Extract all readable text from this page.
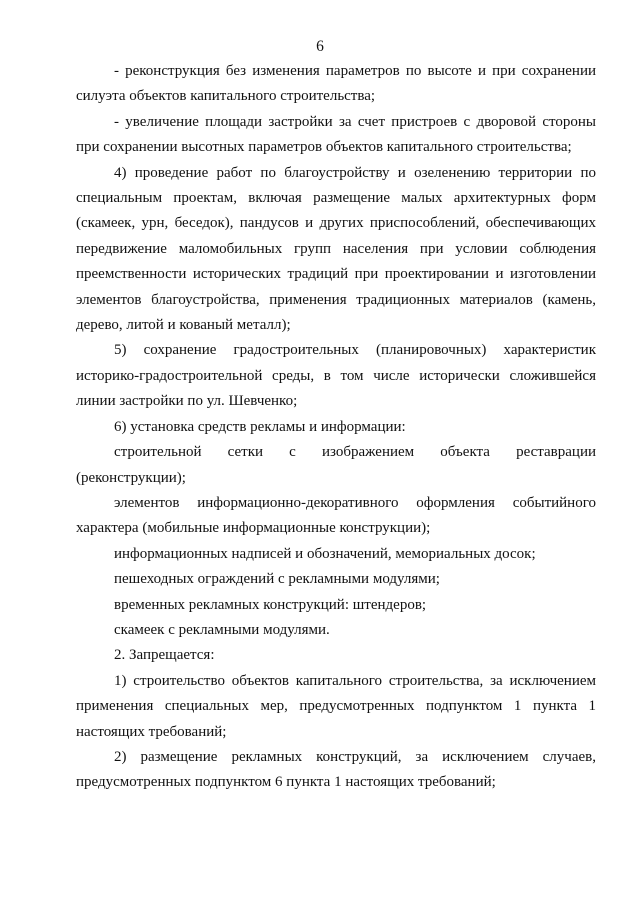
6

- реконструкция без изменения параметров по высоте и при сохранении силуэта объектов капитального строительства;

- увеличение площади застройки за счет пристроев с дворовой стороны при сохранении высотных параметров объектов капитального строительства;

4) проведение работ по благоустройству и озеленению территории по специальным проектам, включая размещение малых архитектурных форм (скамеек, урн, беседок), пандусов и других приспособлений, обеспечивающих передвижение маломобильных групп населения при условии соблюдения преемственности исторических традиций при проектировании и изготовлении элементов благоустройства, применения традиционных материалов (камень, дерево, литой и кованый металл);

5) сохранение градостроительных (планировочных) характеристик историко-градостроительной среды, в том числе исторически сложившейся линии застройки по ул. Шевченко;

6) установка средств рекламы и информации:

строительной сетки с изображением объекта реставрации (реконструкции);

элементов информационно-декоративного оформления событийного характера (мобильные информационные конструкции);

информационных надписей и обозначений, мемориальных досок;

пешеходных ограждений с рекламными модулями;

временных рекламных конструкций: штендеров;

скамеек с рекламными модулями.

2. Запрещается:

1) строительство объектов капитального строительства, за исключением применения специальных мер, предусмотренных подпунктом 1 пункта 1 настоящих требований;

2) размещение рекламных конструкций, за исключением случаев, предусмотренных подпунктом 6 пункта 1 настоящих требований;
